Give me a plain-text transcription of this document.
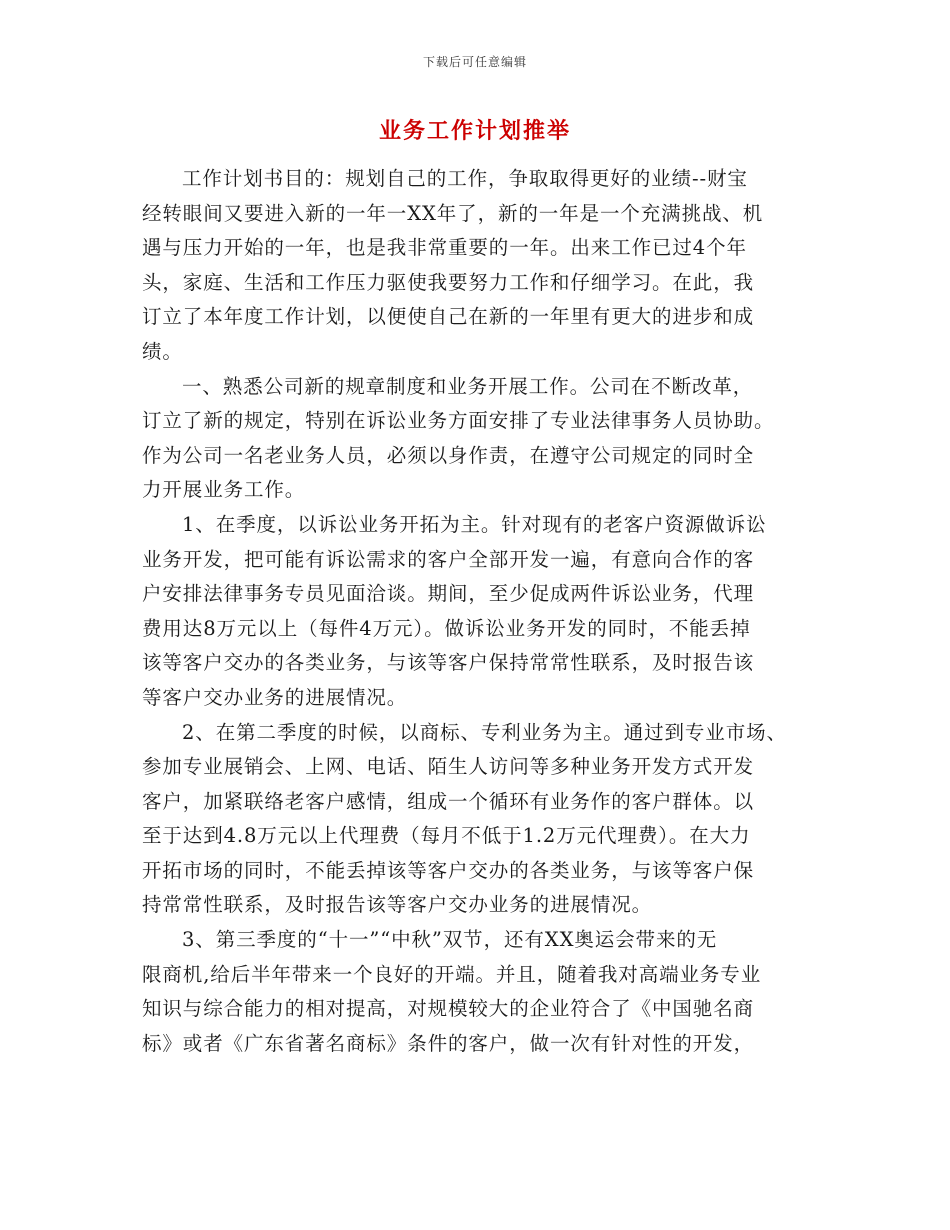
下载后可任意编辑
业务工作计划推举

工作计划书目的：规划自己的工作，争取取得更好的业绩--财宝
经转眼间又要进入新的一年一XX年了，新的一年是一个充满挑战、机
遇与压力开始的一年，也是我非常重要的一年。出来工作已过4个年
头，家庭、生活和工作压力驱使我要努力工作和仔细学习。在此，我
订立了本年度工作计划，以便使自己在新的一年里有更大的进步和成
绩。

一、熟悉公司新的规章制度和业务开展工作。公司在不断改革，
订立了新的规定，特别在诉讼业务方面安排了专业法律事务人员协助。
作为公司一名老业务人员，必须以身作责，在遵守公司规定的同时全
力开展业务工作。

1、在季度，以诉讼业务开拓为主。针对现有的老客户资源做诉讼
业务开发，把可能有诉讼需求的客户全部开发一遍，有意向合作的客
户安排法律事务专员见面洽谈。期间，至少促成两件诉讼业务，代理
费用达8万元以上（每件4万元）。做诉讼业务开发的同时，不能丢掉
该等客户交办的各类业务，与该等客户保持常常性联系，及时报告该
等客户交办业务的进展情况。

2、在第二季度的时候，以商标、专利业务为主。通过到专业市场、
参加专业展销会、上网、电话、陌生人访问等多种业务开发方式开发
客户，加紧联络老客户感情，组成一个循环有业务作的客户群体。以
至于达到4.8万元以上代理费（每月不低于1.2万元代理费）。在大力
开拓市场的同时，不能丢掉该等客户交办的各类业务，与该等客户保
持常常性联系，及时报告该等客户交办业务的进展情况。

3、第三季度的“十一”“中秋”双节，还有XX奥运会带来的无
限商机,给后半年带来一个良好的开端。并且，随着我对高端业务专业
知识与综合能力的相对提高，对规模较大的企业符合了《中国驰名商
标》或者《广东省著名商标》条件的客户，做一次有针对性的开发，
